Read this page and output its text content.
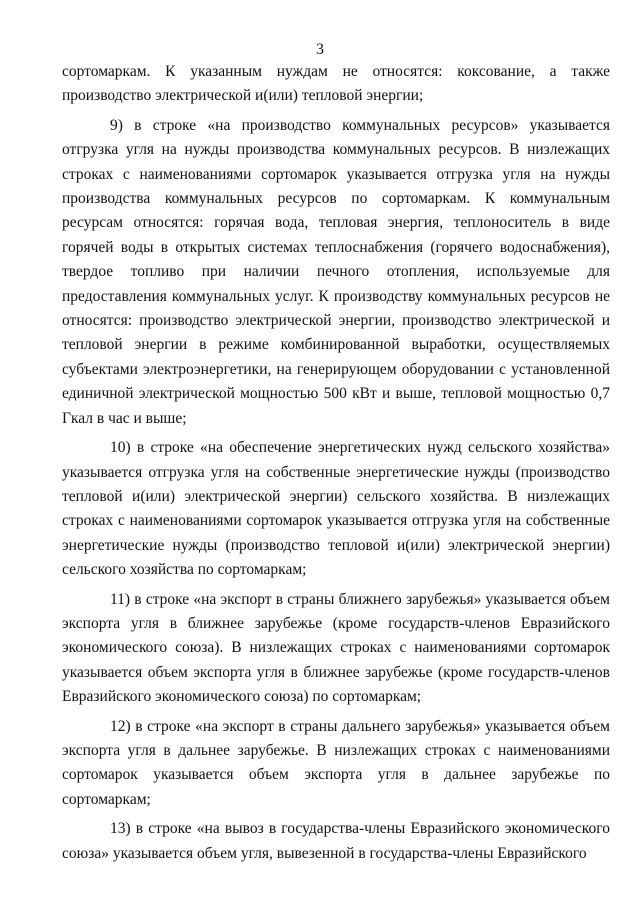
3

сортомаркам. К указанным нуждам не относятся: коксование, а также производство электрической и(или) тепловой энергии;

9) в строке «на производство коммунальных ресурсов» указывается отгрузка угля на нужды производства коммунальных ресурсов. В низлежащих строках с наименованиями сортомарок указывается отгрузка угля на нужды производства коммунальных ресурсов по сортомаркам. К коммунальным ресурсам относятся: горячая вода, тепловая энергия, теплоноситель в виде горячей воды в открытых системах теплоснабжения (горячего водоснабжения), твердое топливо при наличии печного отопления, используемые для предоставления коммунальных услуг. К производству коммунальных ресурсов не относятся: производство электрической энергии, производство электрической и тепловой энергии в режиме комбинированной выработки, осуществляемых субъектами электроэнергетики, на генерирующем оборудовании с установленной единичной электрической мощностью 500 кВт и выше, тепловой мощностью 0,7 Гкал в час и выше;

10) в строке «на обеспечение энергетических нужд сельского хозяйства» указывается отгрузка угля на собственные энергетические нужды (производство тепловой и(или) электрической энергии) сельского хозяйства. В низлежащих строках с наименованиями сортомарок указывается отгрузка угля на собственные энергетические нужды (производство тепловой и(или) электрической энергии) сельского хозяйства по сортомаркам;

11) в строке «на экспорт в страны ближнего зарубежья» указывается объем экспорта угля в ближнее зарубежье (кроме государств-членов Евразийского экономического союза). В низлежащих строках с наименованиями сортомарок указывается объем экспорта угля в ближнее зарубежье (кроме государств-членов Евразийского экономического союза) по сортомаркам;

12) в строке «на экспорт в страны дальнего зарубежья» указывается объем экспорта угля в дальнее зарубежье. В низлежащих строках с наименованиями сортомарок указывается объем экспорта угля в дальнее зарубежье по сортомаркам;

13) в строке «на вывоз в государства-члены Евразийского экономического союза» указывается объем угля, вывезенной в государства-члены Евразийского
